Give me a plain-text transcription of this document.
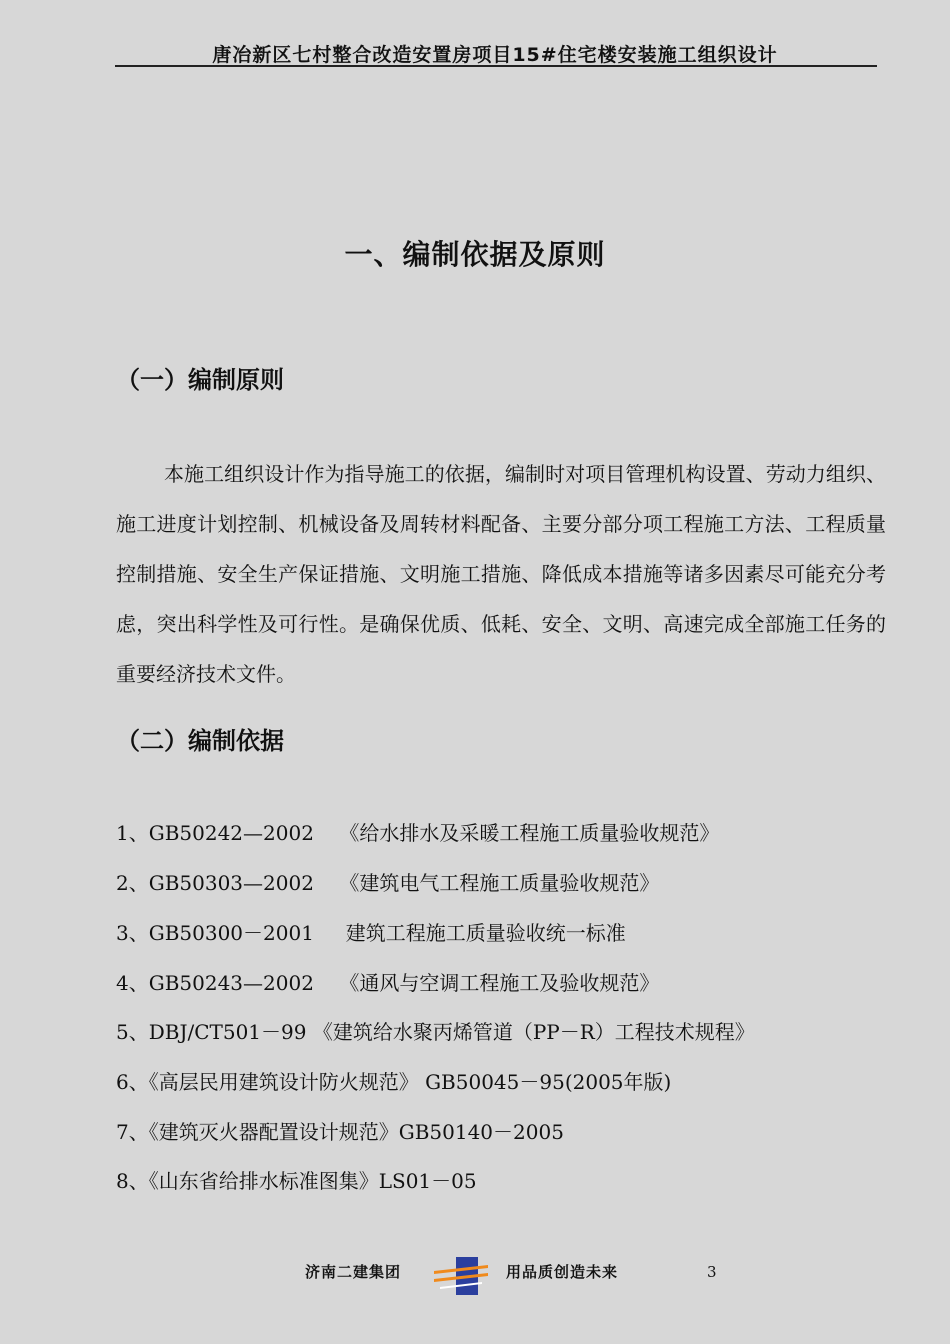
唐冶新区七村整合改造安置房项目15#住宅楼安装施工组织设计
一、编制依据及原则
（一）编制原则

本施工组织设计作为指导施工的依据，编制时对项目管理机构设置、劳动力组织、施工进度计划控制、机械设备及周转材料配备、主要分部分项工程施工方法、工程质量控制措施、安全生产保证措施、文明施工措施、降低成本措施等诸多因素尽可能充分考虑，突出科学性及可行性。是确保优质、低耗、安全、文明、高速完成全部施工任务的重要经济技术文件。

（二）编制依据
1、GB50242—2002    《给水排水及采暖工程施工质量验收规范》
2、GB50303—2002    《建筑电气工程施工质量验收规范》
3、GB50300－2001     建筑工程施工质量验收统一标准
4、GB50243—2002    《通风与空调工程施工及验收规范》
5、DBJ/CT501－99 《建筑给水聚丙烯管道（PP－R）工程技术规程》
6、《高层民用建筑设计防火规范》 GB50045－95(2005年版)
7、《建筑灭火器配置设计规范》GB50140－2005
8、《山东省给排水标准图集》LS01－05
济南二建集团	用品质创造未来	3
